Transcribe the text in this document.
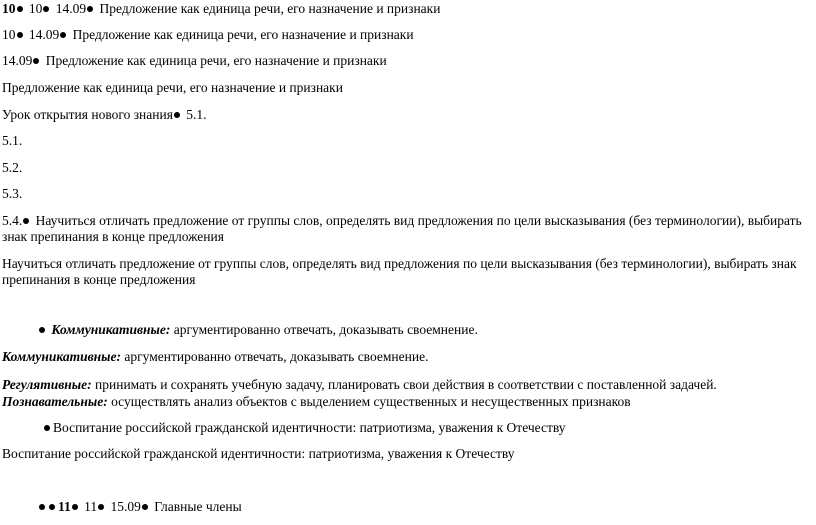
10 10 14.09 Предложение как единица речи, его назначение и признаки
10 14.09 Предложение как единица речи, его назначение и признаки
14.09 Предложение как единица речи, его назначение и признаки
Предложение как единица речи, его назначение и признаки
Урок открытия нового знания 5.1.
5.1.
5.2.
5.3.
5.4. Научиться отличать предложение от группы слов, определять вид предложения по цели высказывания (без терминологии), выбирать знак препинания в конце предложения
Научиться отличать предложение от группы слов, определять вид предложения по цели высказывания (без терминологии), выбирать знак препинания в конце предложения
Коммуникативные: аргументированно отвечать, доказывать своемнение.
Коммуникативные: аргументированно отвечать, доказывать своемнение.
Регулятивные: принимать и сохранять учебную задачу, планировать свои действия в соответствии с поставленной задачей.
Познавательные: осуществлять анализ объектов с выделением существенных и несущественных признаков
Воспитание российской гражданской идентичности: патриотизма, уважения к Отечеству
Воспитание российской гражданской идентичности: патриотизма, уважения к Отечеству
11 11 15.09 Главные члены
